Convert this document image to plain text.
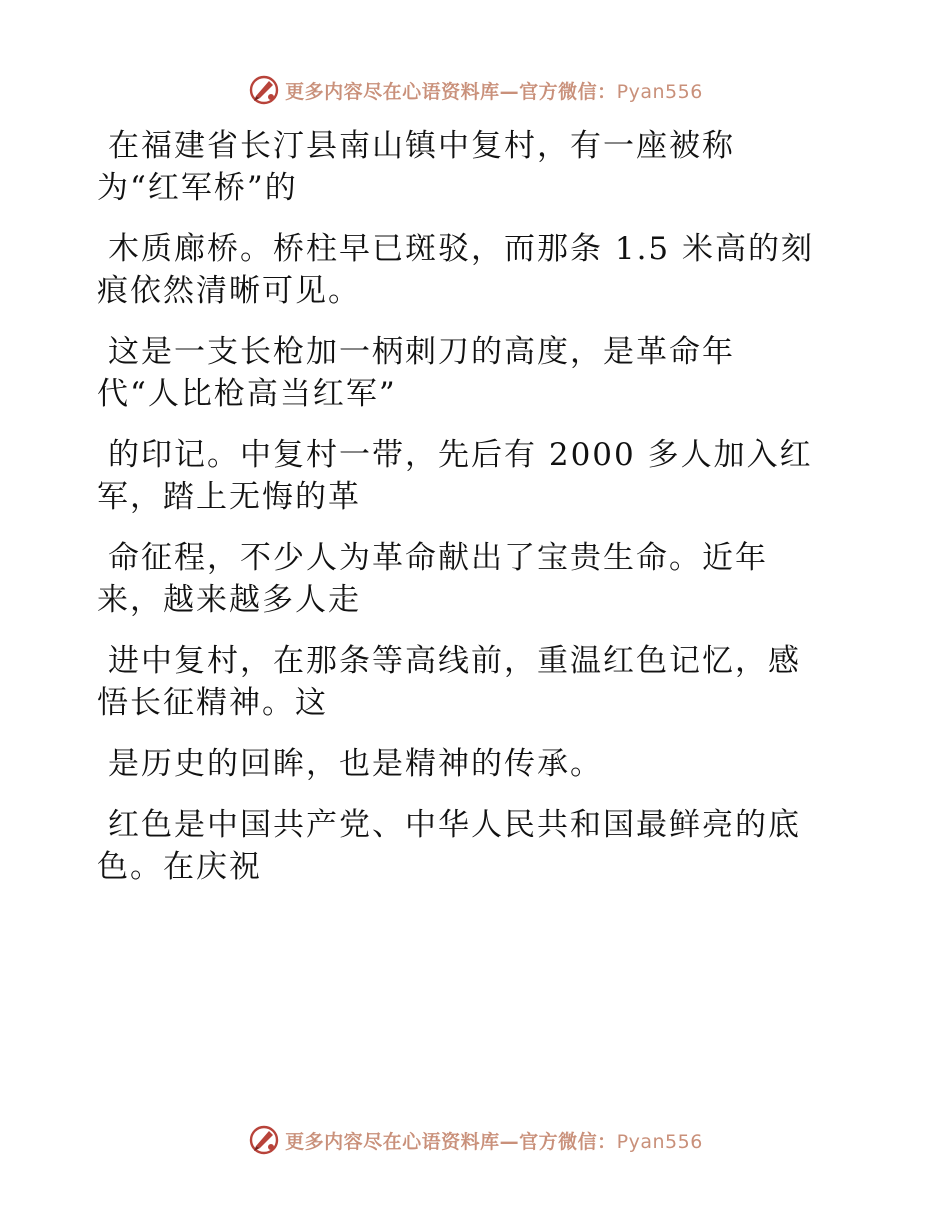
更多内容尽在心语资料库—官方微信：Pyan556
在福建省长汀县南山镇中复村，有一座被称
为“红军桥”的
木质廊桥。桥柱早已斑驳，而那条 1.5 米高的刻
痕依然清晰可见。
这是一支长枪加一柄刺刀的高度，是革命年
代“人比枪高当红军”
的印记。中复村一带，先后有 2000 多人加入红
军，踏上无悔的革
命征程，不少人为革命献出了宝贵生命。近年
来，越来越多人走
进中复村，在那条等高线前，重温红色记忆，感
悟长征精神。这
是历史的回眸，也是精神的传承。
红色是中国共产党、中华人民共和国最鲜亮的底
色。在庆祝
更多内容尽在心语资料库—官方微信：Pyan556
